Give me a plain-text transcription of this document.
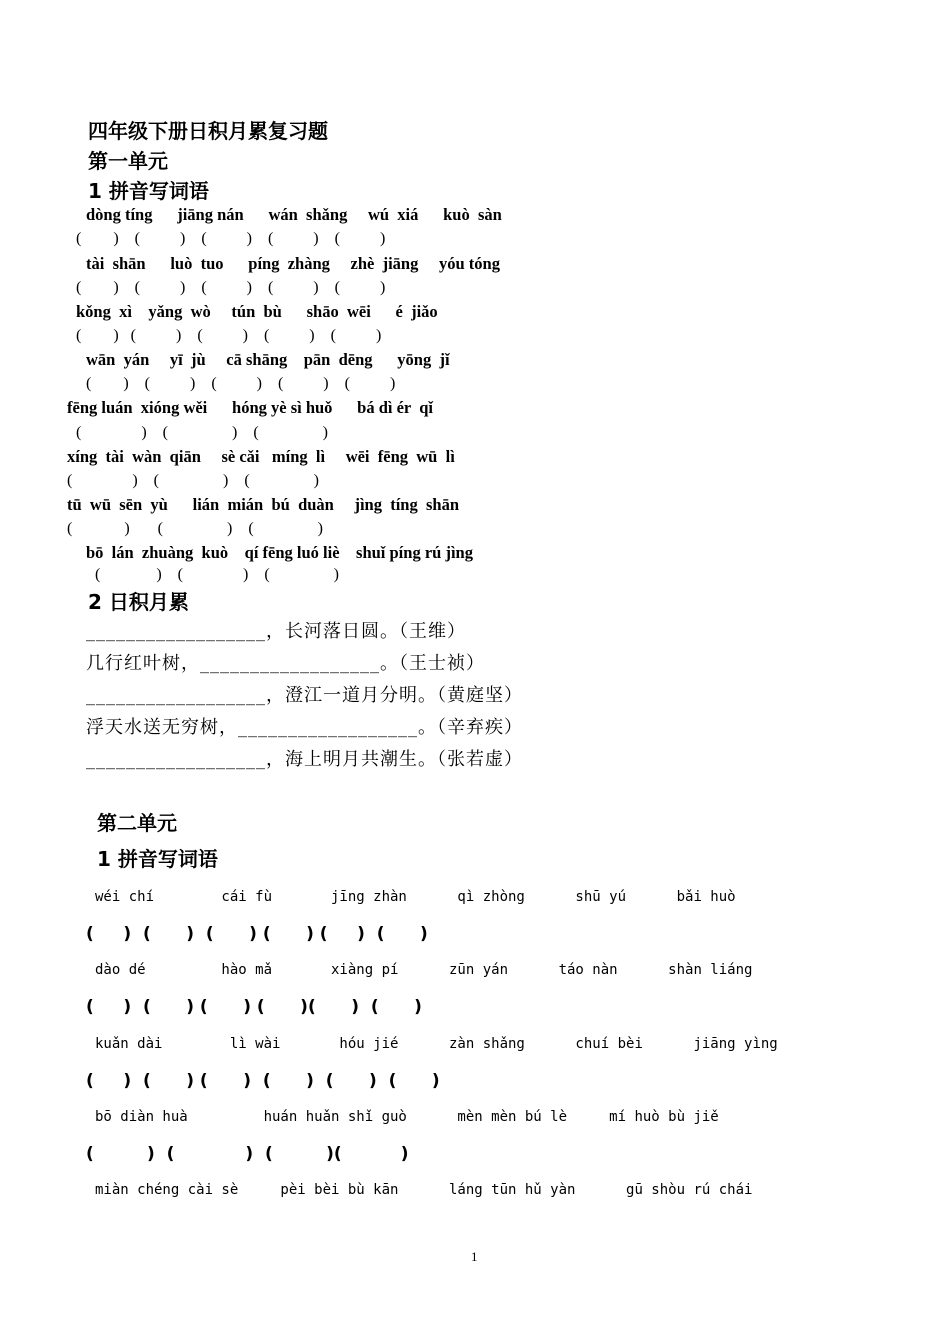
四年级下册日积月累复习题
第一单元
1 拼音写词语
dòng tíng      jiāng nán      wán  shǎng     wú  xiá      kuò  sàn
(        )    (          )    (          )    (          )    (          )
tài  shān      luò  tuo      píng  zhàng     zhè  jiāng     yóu tóng
(        )    (          )    (          )    (          )    (          )
kǒng  xì    yǎng  wò     tún  bù      shāo  wēi      é  jiǎo
(        )   (          )    (          )    (          )    (          )
wān  yán     yī  jù     cā shāng    pān  dēng      yōng  jǐ
(        )    (          )    (          )    (          )    (          )
fēng luán  xióng wěi      hóng yè sì huǒ      bá dì ér  qǐ
(               )    (                )    (                )
xíng  tài  wàn  qiān     sè cǎi   míng  lì     wēi  fēng  wū  lì
(               )    (                )    (                )
tū  wū  sēn  yù      lián  mián  bú  duàn     jìng  tíng  shān
(             )       (                )    (                )
bō  lán  zhuàng  kuò    qí fēng luó liè    shuǐ píng rú jìng
(              )    (               )    (                )
2 日积月累
__________________，长河落日圆。（王维）
几行红叶树，__________________。（王士祯）
__________________，澄江一道月分明。（黄庭坚）
浮天水送无穷树，__________________。（辛弃疾）
__________________，海上明月共潮生。（张若虚）
第二单元
1 拼音写词语
wéi chí        cái fù       jīng zhàn      qì zhòng      shū yú      bǎi huò
(     )  (      )  (      ) (      ) (     )  (      )
dào dé         hào mǎ       xiàng pí      zūn yán      táo nàn      shàn liáng
(     )  (      ) (      ) (      )(      )  (      )
kuǎn dài        lì wài       hóu jié      zàn shǎng      chuí bèi      jiāng yìng
(     )  (      ) (      )  (      )  (      )  (      )
bō diàn huà         huán huǎn shǐ guò      mèn mèn bú lè     mí huò bù jiě
(         )  (            )  (         )(          )
miàn chéng cài sè     pèi bèi bù kān      láng tūn hǔ yàn      gū shòu rú chái
1
